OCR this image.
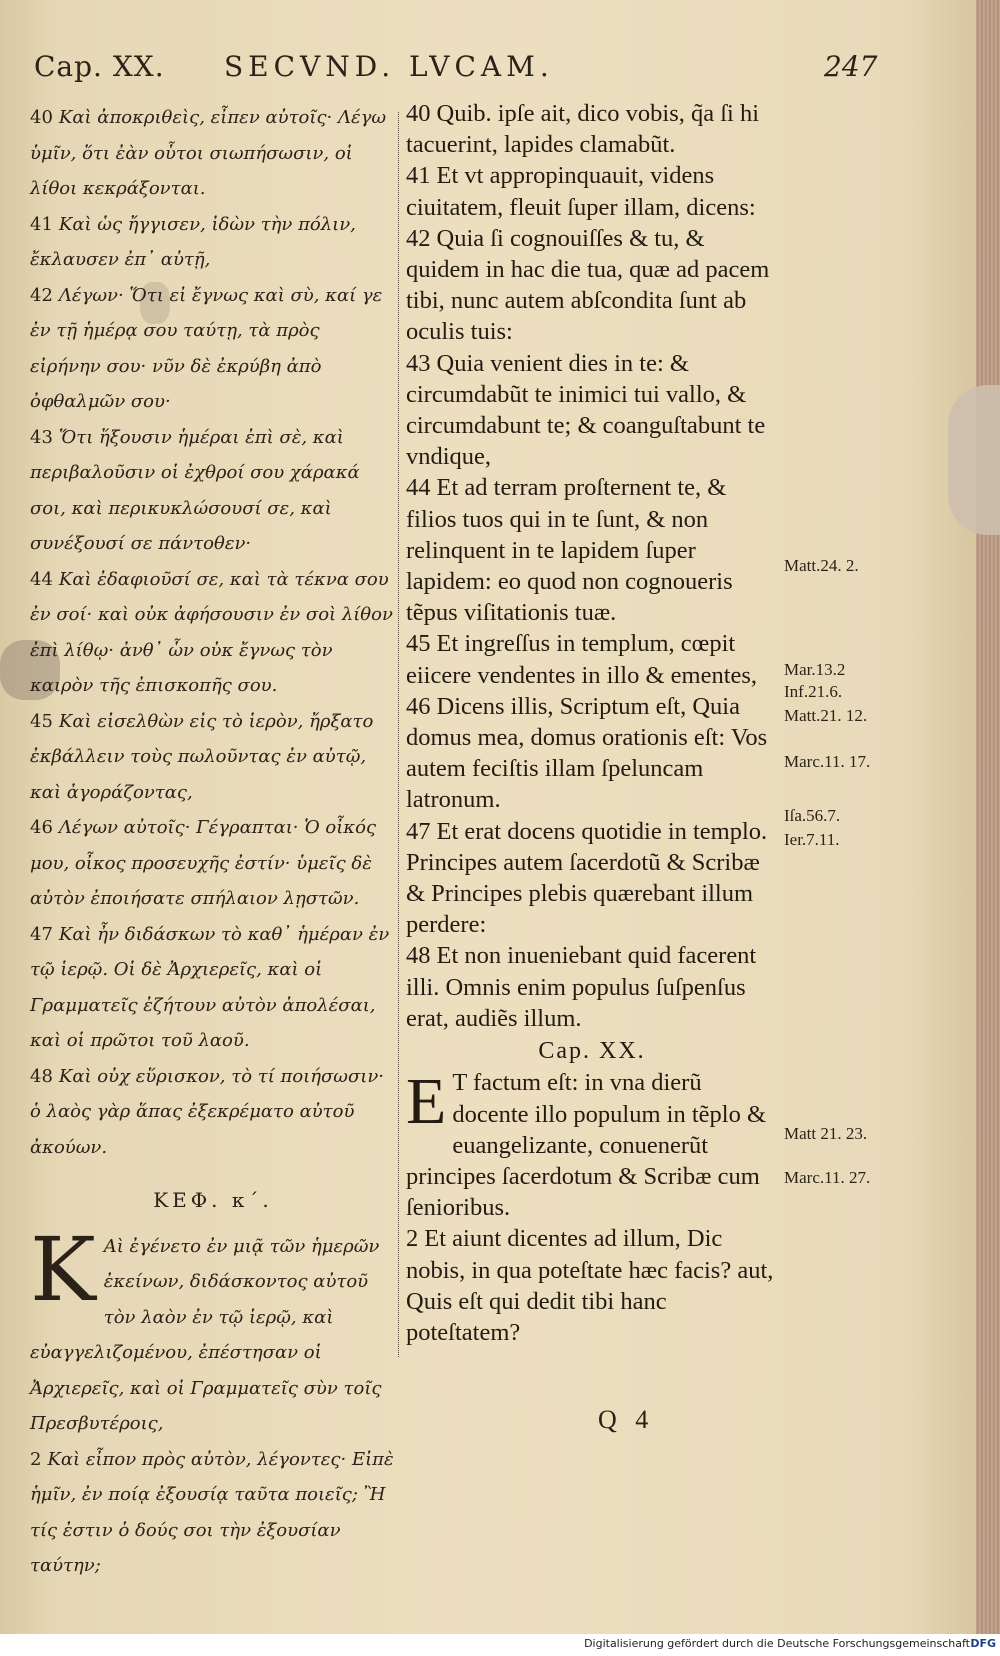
Cap. XX. SECVND. LVCAM.	247
40 Καὶ ἀποκριθεὶς, εἶπεν αὐτοῖς· Λέγω ὑμῖν, ὅτι ἐὰν οὗτοι σιωπήσωσιν, οἱ λίθοι κεκράξονται.
41 Καὶ ὡς ἤγγισεν, ἰδὼν τὴν πόλιν, ἔκλαυσεν ἐπ᾽ αὐτῇ,
42 Λέγων· Ὅτι εἰ ἔγνως καὶ σὺ, καί γε ἐν τῇ ἡμέρᾳ σου ταύτῃ, τὰ πρὸς εἰρήνην σου· νῦν δὲ ἐκρύβη ἀπὸ ὀφθαλμῶν σου·
43 Ὅτι ἥξουσιν ἡμέραι ἐπὶ σὲ, καὶ περιβαλοῦσιν οἱ ἐχθροί σου χάρακά σοι, καὶ περικυκλώσουσί σε, καὶ συνέξουσί σε πάντοθεν·
44 Καὶ ἐδαφιοῦσί σε, καὶ τὰ τέκνα σου ἐν σοί· καὶ οὐκ ἀφήσουσιν ἐν σοὶ λίθον ἐπὶ λίθῳ· ἀνθ᾽ ὧν οὐκ ἔγνως τὸν καιρὸν τῆς ἐπισκοπῆς σου.
45 Καὶ εἰσελθὼν εἰς τὸ ἱερὸν, ἤρξατο ἐκβάλλειν τοὺς πωλοῦντας ἐν αὐτῷ, καὶ ἀγοράζοντας,
46 Λέγων αὐτοῖς· Γέγραπται· Ὁ οἶκός μου, οἶκος προσευχῆς ἐστίν· ὑμεῖς δὲ αὐτὸν ἐποιήσατε σπήλαιον λῃστῶν.
47 Καὶ ἦν διδάσκων τὸ καθ᾽ ἡμέραν ἐν τῷ ἱερῷ. Οἱ δὲ Ἀρχιερεῖς, καὶ οἱ Γραμματεῖς ἐζήτουν αὐτὸν ἀπολέσαι, καὶ οἱ πρῶτοι τοῦ λαοῦ.
48 Καὶ οὐχ εὕρισκον, τὸ τί ποιήσωσιν· ὁ λαὸς γὰρ ἅπας ἐξεκρέματο αὐτοῦ ἀκούων.
ΚΕΦ. κ´.
Κ Αὶ ἐγένετο ἐν μιᾷ τῶν ἡμερῶν ἐκείνων, διδάσκοντος αὐτοῦ τὸν λαὸν ἐν τῷ ἱερῷ, καὶ εὐαγγελιζομένου, ἐπέστησαν οἱ Ἀρχιερεῖς, καὶ οἱ Γραμματεῖς σὺν τοῖς Πρεσβυτέροις,
2 Καὶ εἶπον πρὸς αὐτὸν, λέγοντες· Εἰπὲ ἡμῖν, ἐν ποίᾳ ἐξουσίᾳ ταῦτα ποιεῖς; Ἢ τίς ἐστιν ὁ δούς σοι τὴν ἐξουσίαν ταύτην;
40 Quib. ipſe ait, dico vobis, q̃a ſi hi tacuerint, lapides clamabũt.
41 Et vt appropinquauit, videns ciuitatem, fleuit ſuper illam, dicens:
42 Quia ſi cognouiſſes & tu, & quidem in hac die tua, quæ ad pacem tibi, nunc autem abſcondita ſunt ab oculis tuis:
43 Quia venient dies in te: & circumdabũt te inimici tui vallo, & circumdabunt te; & coanguſtabunt te vndique,
44 Et ad terram proſternent te, & filios tuos qui in te ſunt, & non relinquent in te lapidem ſuper lapidem: eo quod non cognoueris tẽpus viſitationis tuæ.
45 Et ingreſſus in templum, cœpit eiicere vendentes in illo & ementes,
46 Dicens illis, Scriptum eſt, Quia domus mea, domus orationis eſt: Vos autem feciſtis illam ſpeluncam latronum.
47 Et erat docens quotidie in templo. Principes autem ſacerdotũ & Scribæ & Principes plebis quærebant illum perdere:
48 Et non inueniebant quid facerent illi. Omnis enim populus ſuſpenſus erat, audiẽs illum.
Cap. XX.
E T factum eſt: in vna dierũ docente illo populum in tẽplo & euangelizante, conuenerũt principes ſacerdotum & Scribæ cum ſenioribus.
2 Et aiunt dicentes ad illum, Dic nobis, in qua poteſtate hæc facis? aut, Quis eſt qui dedit tibi hanc poteſtatem?
Matt.24. 2.
Mar.13.2
Inf.21.6.
Matt.21. 12.
Marc.11. 17.
Iſa.56.7.
Ier.7.11.
Matt 21. 23.
Marc.11. 27.
Q 4
Digitalisierung gefördert durch die Deutsche Forschungsgemeinschaft DFG
